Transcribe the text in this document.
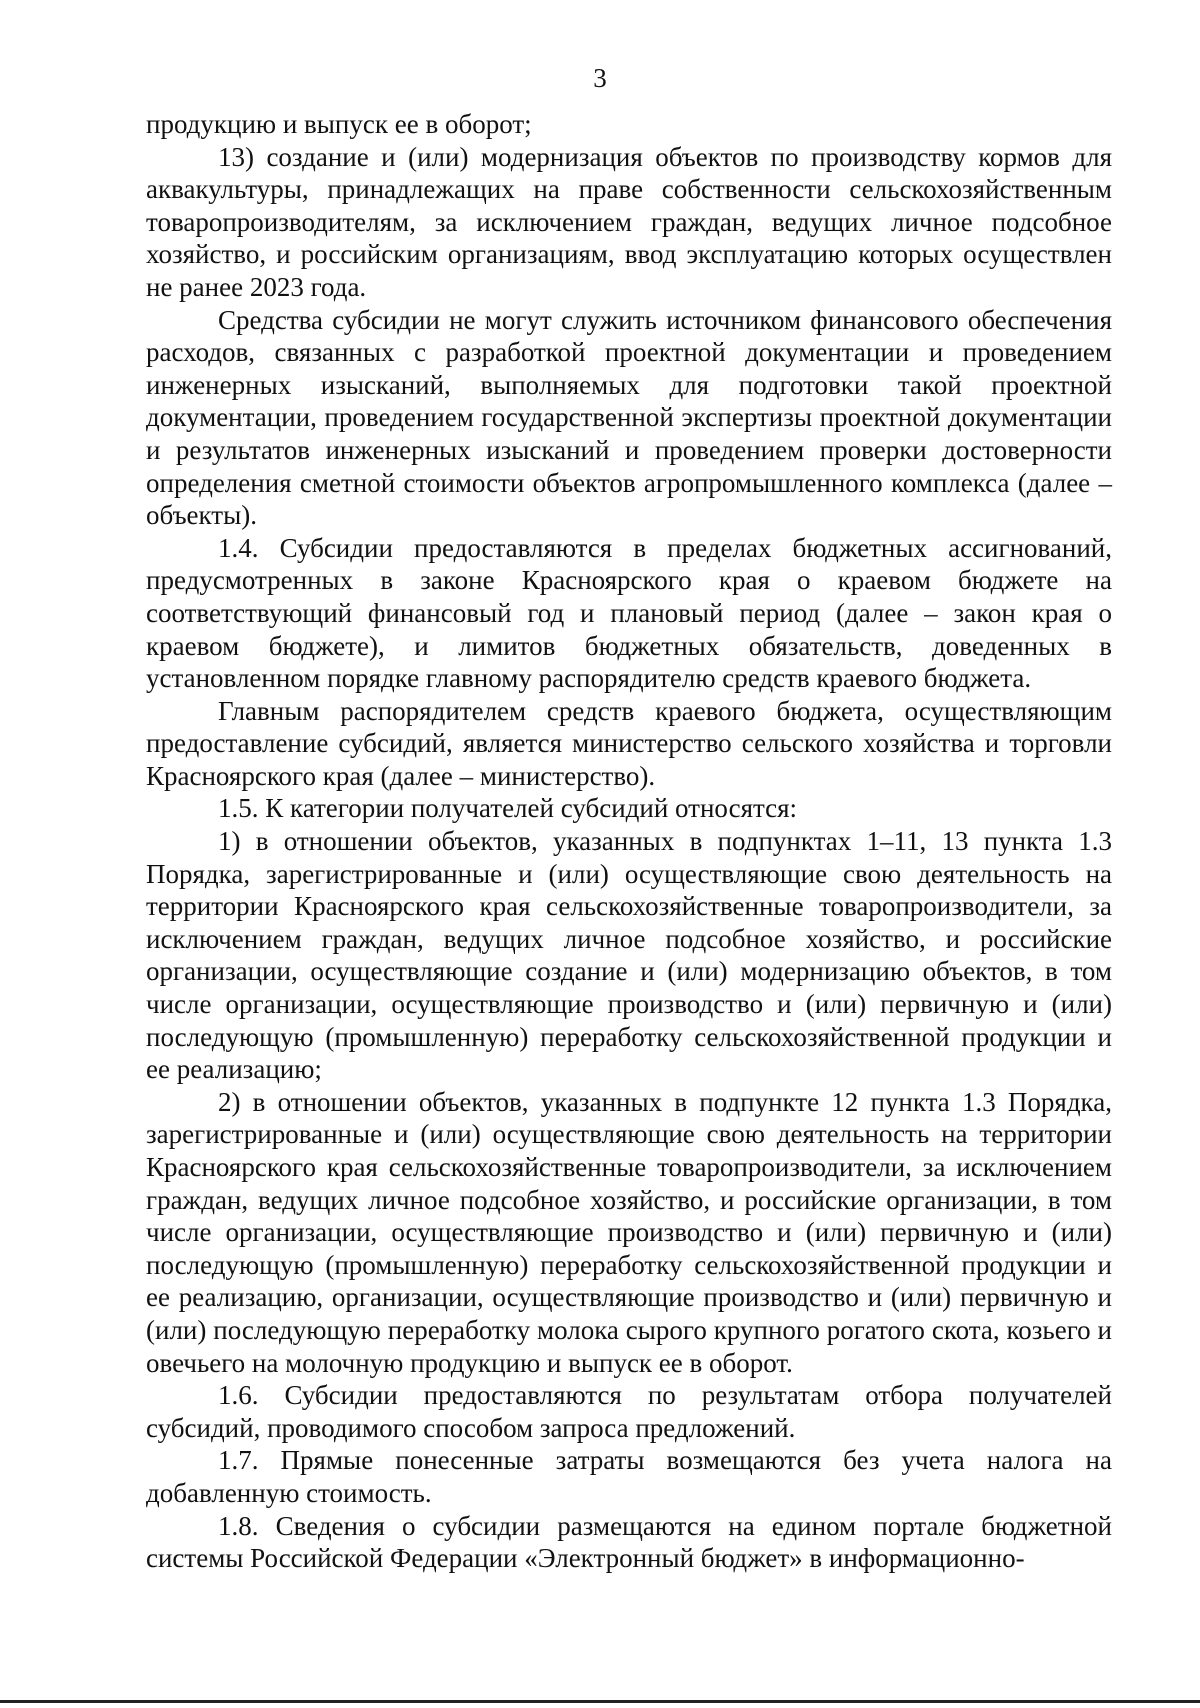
3

продукцию и выпуск ее в оборот;

13) создание и (или) модернизация объектов по производству кормов для аквакультуры, принадлежащих на праве собственности сельскохозяйственным товаропроизводителям, за исключением граждан, ведущих личное подсобное хозяйство, и российским организациям, ввод эксплуатацию которых осуществлен не ранее 2023 года.

Средства субсидии не могут служить источником финансового обеспечения расходов, связанных с разработкой проектной документации и проведением инженерных изысканий, выполняемых для подготовки такой проектной документации, проведением государственной экспертизы проектной документации и результатов инженерных изысканий и проведением проверки достоверности определения сметной стоимости объектов агропромышленного комплекса (далее – объекты).

1.4. Субсидии предоставляются в пределах бюджетных ассигнований, предусмотренных в законе Красноярского края о краевом бюджете на соответствующий финансовый год и плановый период (далее – закон края о краевом бюджете), и лимитов бюджетных обязательств, доведенных в установленном порядке главному распорядителю средств краевого бюджета.

Главным распорядителем средств краевого бюджета, осуществляющим предоставление субсидий, является министерство сельского хозяйства и торговли Красноярского края (далее – министерство).

1.5. К категории получателей субсидий относятся:

1) в отношении объектов, указанных в подпунктах 1–11, 13 пункта 1.3 Порядка, зарегистрированные и (или) осуществляющие свою деятельность на территории Красноярского края сельскохозяйственные товаропроизводители, за исключением граждан, ведущих личное подсобное хозяйство, и российские организации, осуществляющие создание и (или) модернизацию объектов, в том числе организации, осуществляющие производство и (или) первичную и (или) последующую (промышленную) переработку сельскохозяйственной продукции и ее реализацию;

2) в отношении объектов, указанных в подпункте 12 пункта 1.3 Порядка, зарегистрированные и (или) осуществляющие свою деятельность на территории Красноярского края сельскохозяйственные товаропроизводители, за исключением граждан, ведущих личное подсобное хозяйство, и российские организации, в том числе организации, осуществляющие производство и (или) первичную и (или) последующую (промышленную) переработку сельскохозяйственной продукции и ее реализацию, организации, осуществляющие производство и (или) первичную и (или) последующую переработку молока сырого крупного рогатого скота, козьего и овечьего на молочную продукцию и выпуск ее в оборот.

1.6. Субсидии предоставляются по результатам отбора получателей субсидий, проводимого способом запроса предложений.

1.7. Прямые понесенные затраты возмещаются без учета налога на добавленную стоимость.

1.8. Сведения о субсидии размещаются на едином портале бюджетной системы Российской Федерации «Электронный бюджет» в информационно-
